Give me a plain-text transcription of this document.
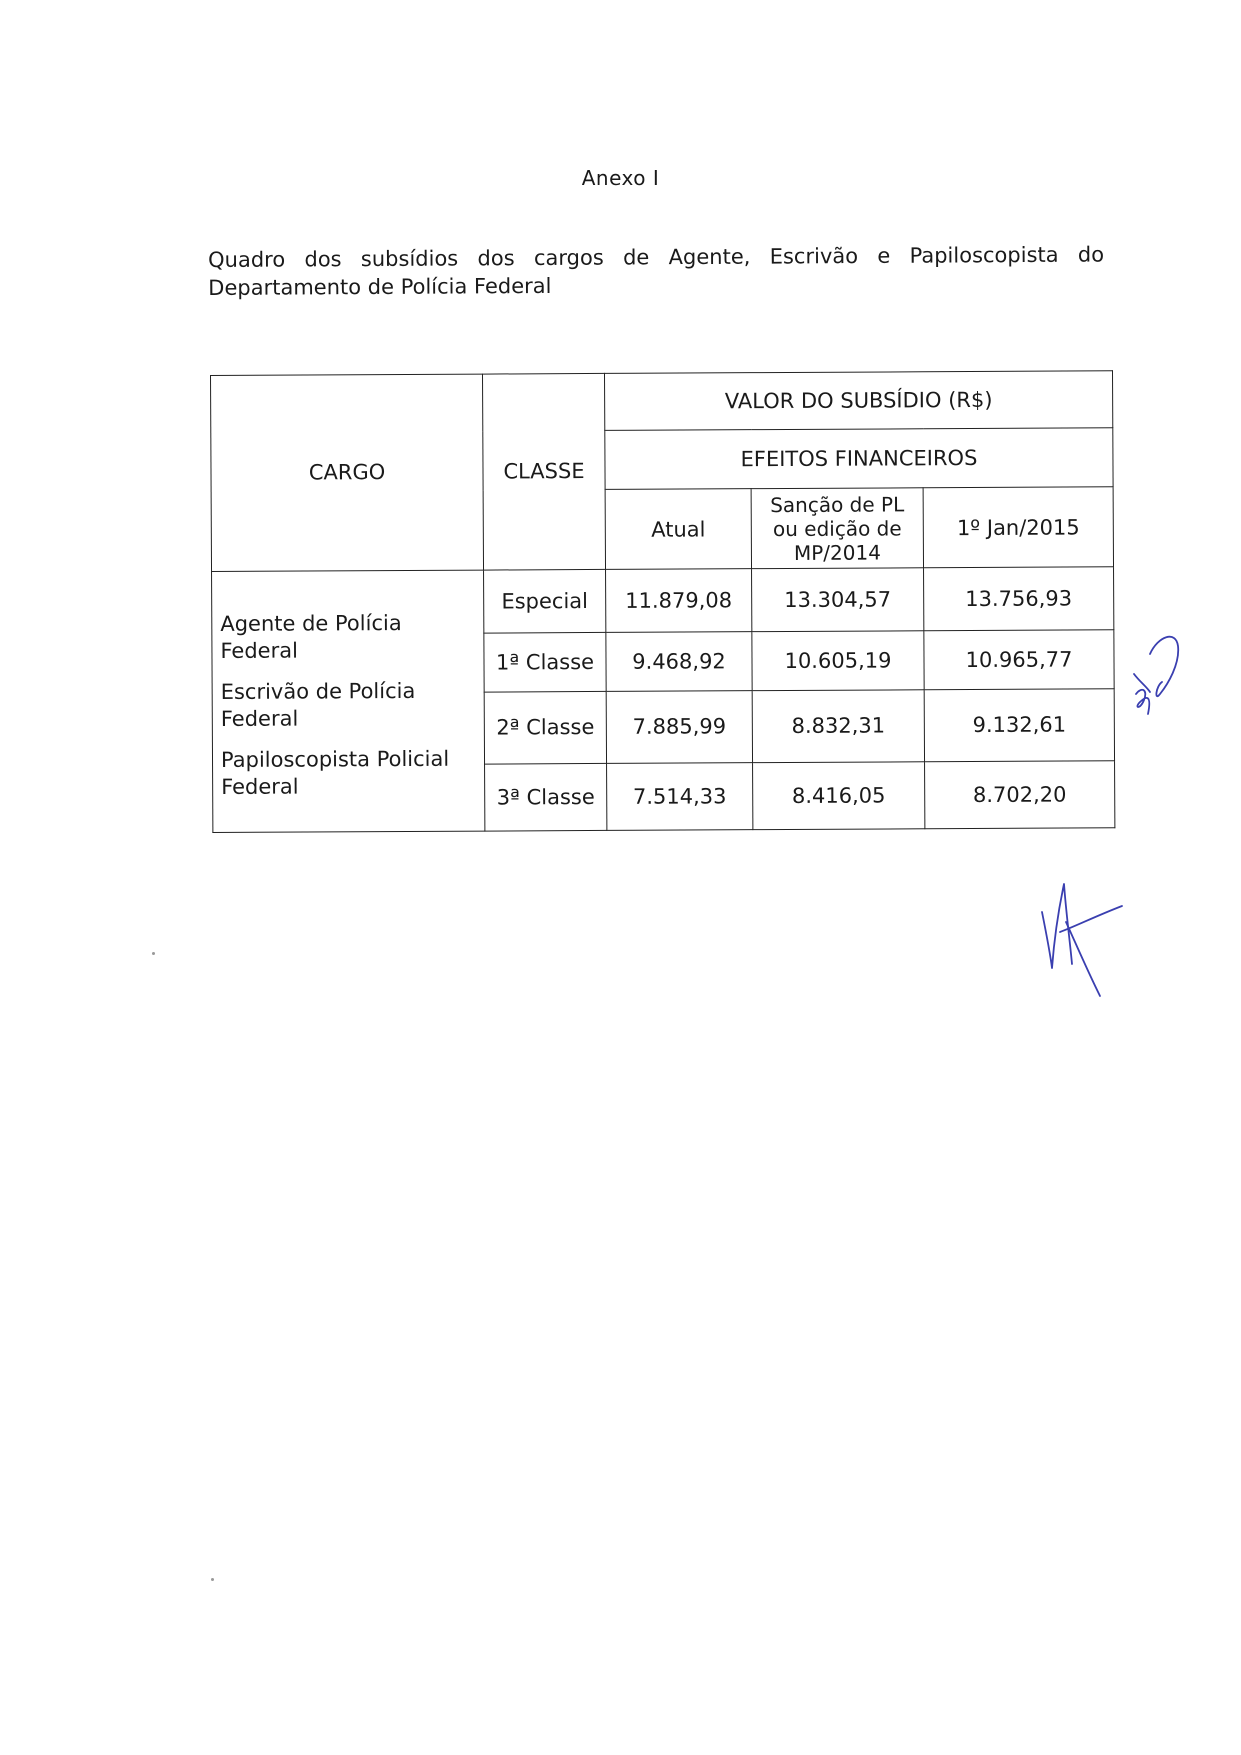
Anexo I
Quadro dos subsídios dos cargos de Agente, Escrivão e Papiloscopista do Departamento de Polícia Federal
CARGO	CLASSE	VALOR DO SUBSÍDIO (R$)		
		EFEITOS FINANCEIROS		
		Atual	Sanção de PL ou edição de MP/2014	1º Jan/2015

Agente de Polícia Federal
Escrivão de Polícia Federal
Papiloscopista Policial Federal	Especial	11.879,08	13.304,57	13.756,93
	1ª Classe	9.468,92	10.605,19	10.965,77
	2ª Classe	7.885,99	8.832,31	9.132,61
	3ª Classe	7.514,33	8.416,05	8.702,20
